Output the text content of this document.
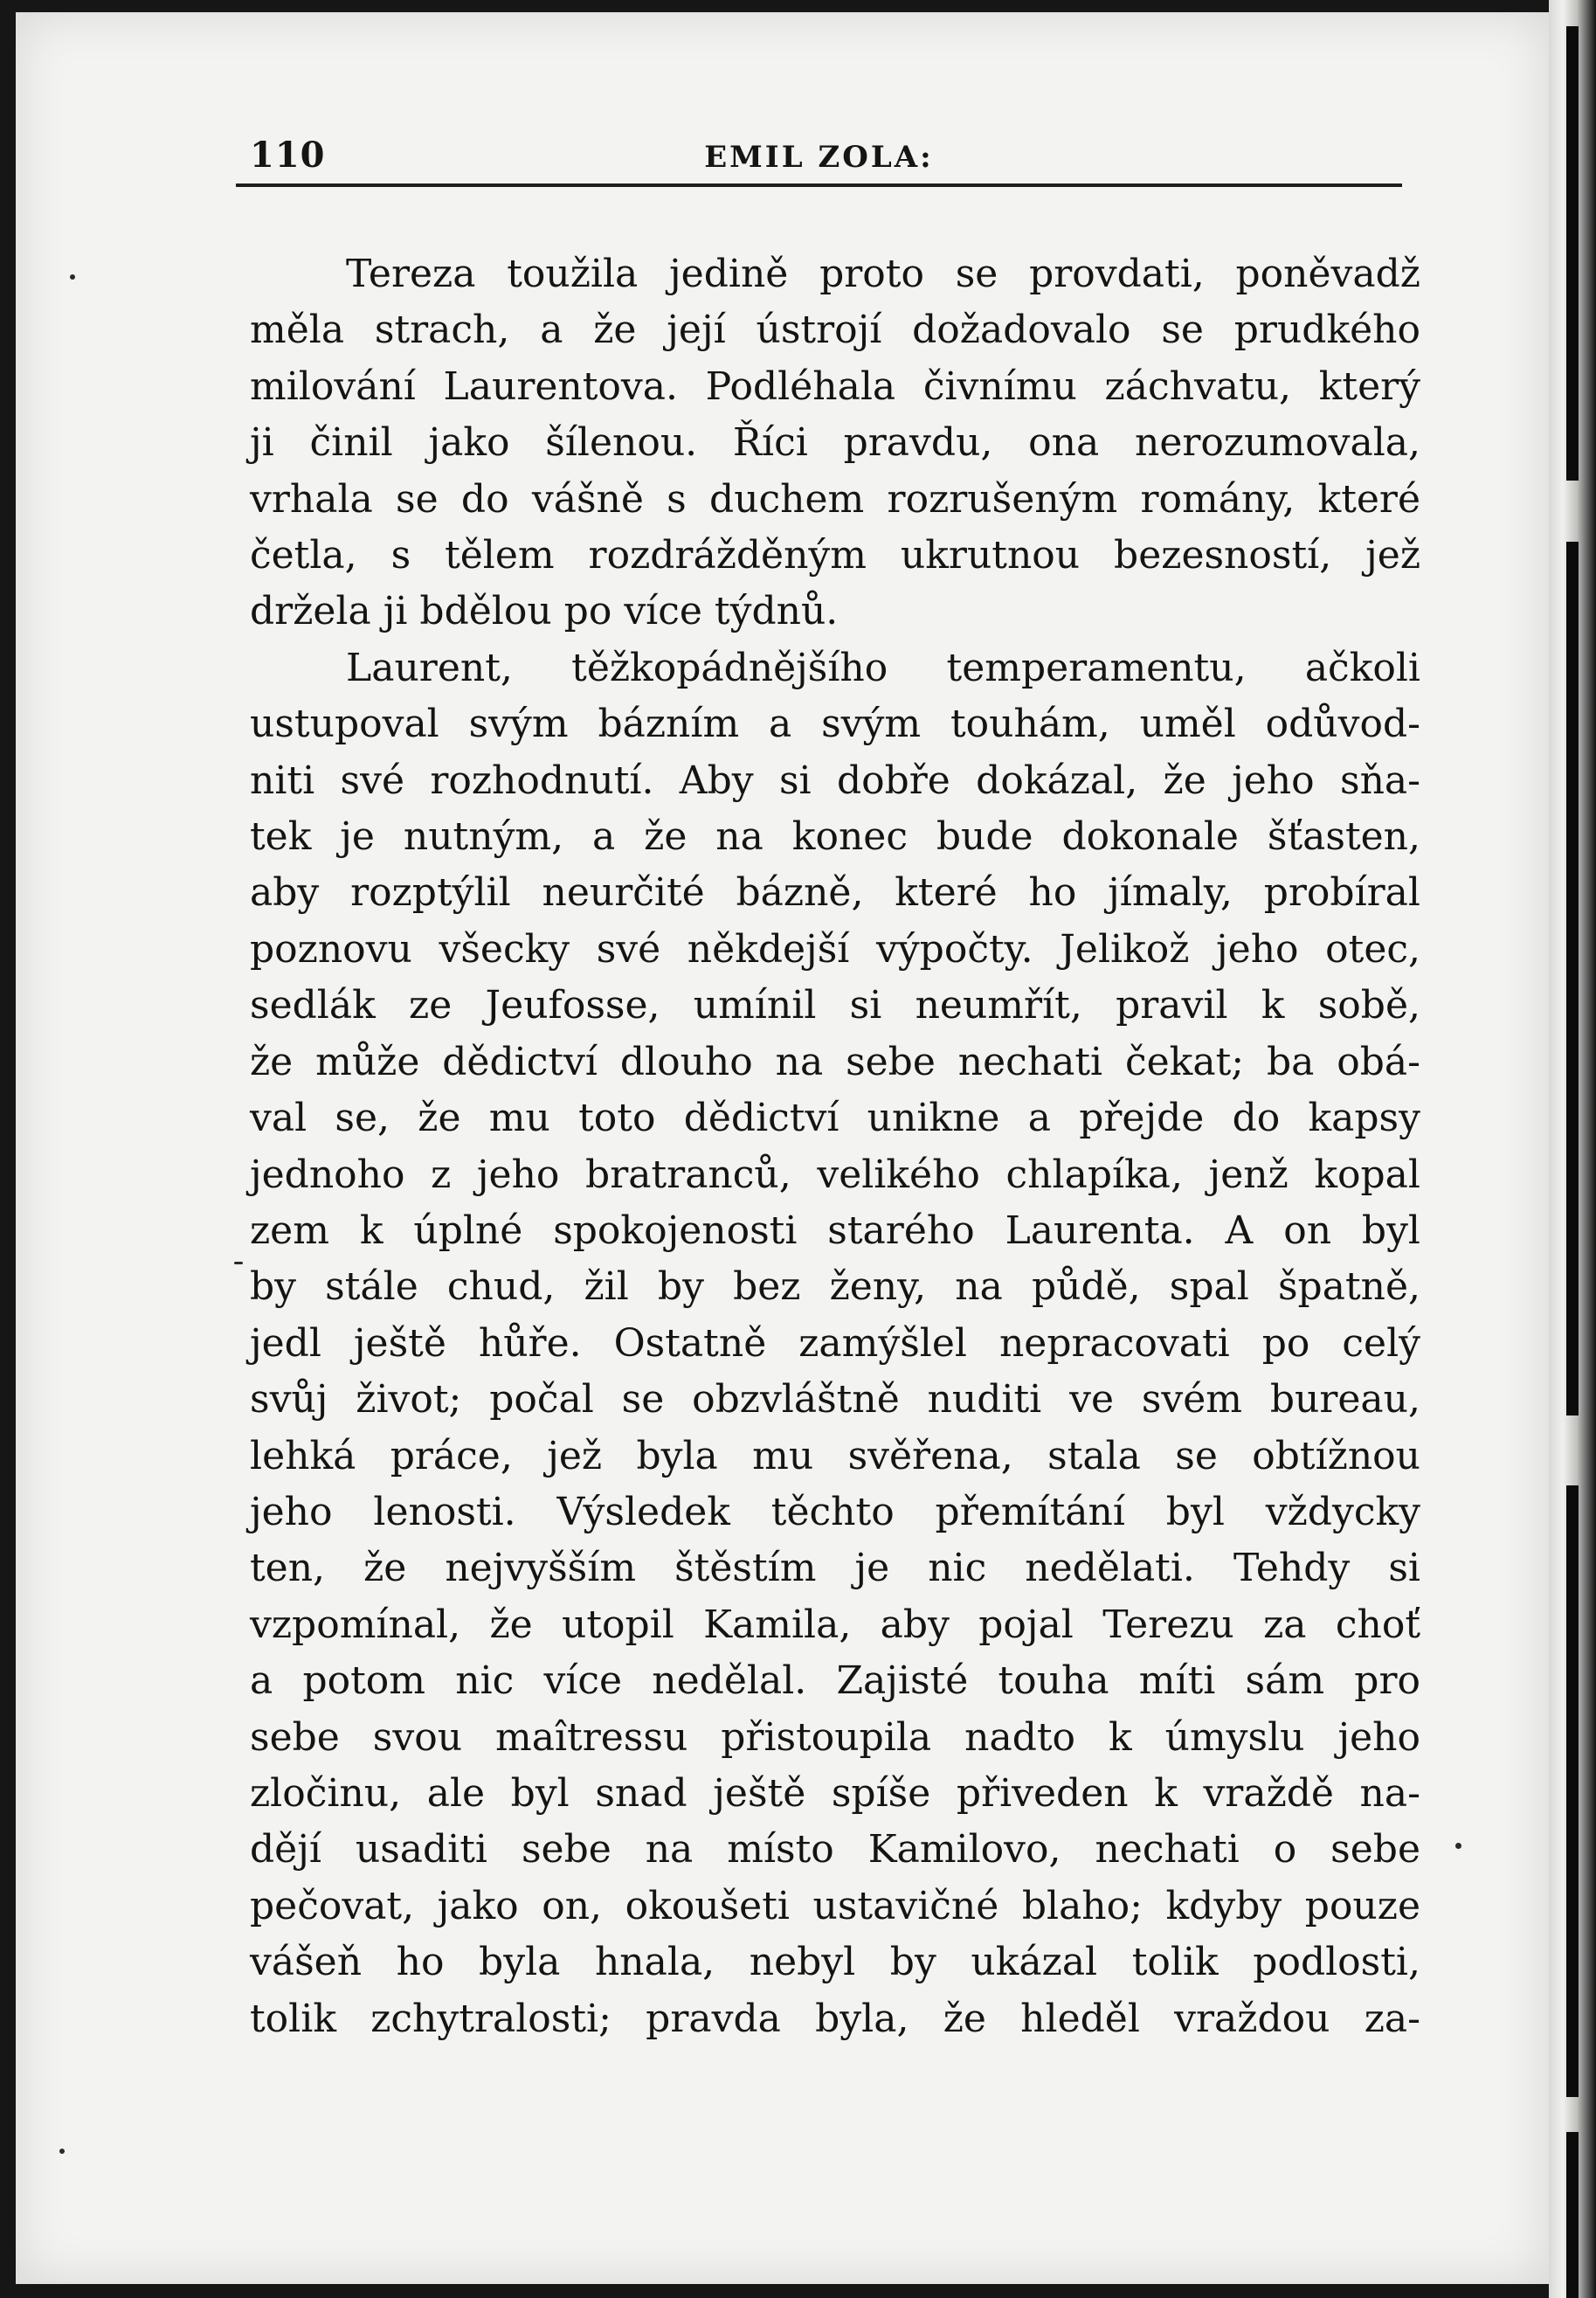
110	EMIL ZOLA:
Tereza toužila jedině proto se provdati, poněvadž
měla strach, a že její ústrojí dožadovalo se prudkého
milování Laurentova. Podléhala čivnímu záchvatu, který
ji činil jako šílenou. Říci pravdu, ona nerozumovala,
vrhala se do vášně s duchem rozrušeným romány, které
četla, s tělem rozdrážděným ukrutnou bezesností, jež
držela ji bdělou po více týdnů.
Laurent, těžkopádnějšího temperamentu, ačkoli
ustupoval svým bázním a svým touhám, uměl odůvod-
niti své rozhodnutí. Aby si dobře dokázal, že jeho sňa-
tek je nutným, a že na konec bude dokonale šťasten,
aby rozptýlil neurčité bázně, které ho jímaly, probíral
poznovu všecky své někdejší výpočty. Jelikož jeho otec,
sedlák ze Jeufosse, umínil si neumřít, pravil k sobě,
že může dědictví dlouho na sebe nechati čekat; ba obá-
val se, že mu toto dědictví unikne a přejde do kapsy
jednoho z jeho bratranců, velikého chlapíka, jenž kopal
zem k úplné spokojenosti starého Laurenta. A on byl
by stále chud, žil by bez ženy, na půdě, spal špatně,
jedl ještě hůře. Ostatně zamýšlel nepracovati po celý
svůj život; počal se obzvláštně nuditi ve svém bureau,
lehká práce, jež byla mu svěřena, stala se obtížnou
jeho lenosti. Výsledek těchto přemítání byl vždycky
ten, že nejvyšším štěstím je nic nedělati. Tehdy si
vzpomínal, že utopil Kamila, aby pojal Terezu za choť
a potom nic více nedělal. Zajisté touha míti sám pro
sebe svou maîtressu přistoupila nadto k úmyslu jeho
zločinu, ale byl snad ještě spíše přiveden k vraždě na-
dějí usaditi sebe na místo Kamilovo, nechati o sebe
pečovat, jako on, okoušeti ustavičné blaho; kdyby pouze
vášeň ho byla hnala, nebyl by ukázal tolik podlosti,
tolik zchytralosti; pravda byla, že hleděl vraždou za-
